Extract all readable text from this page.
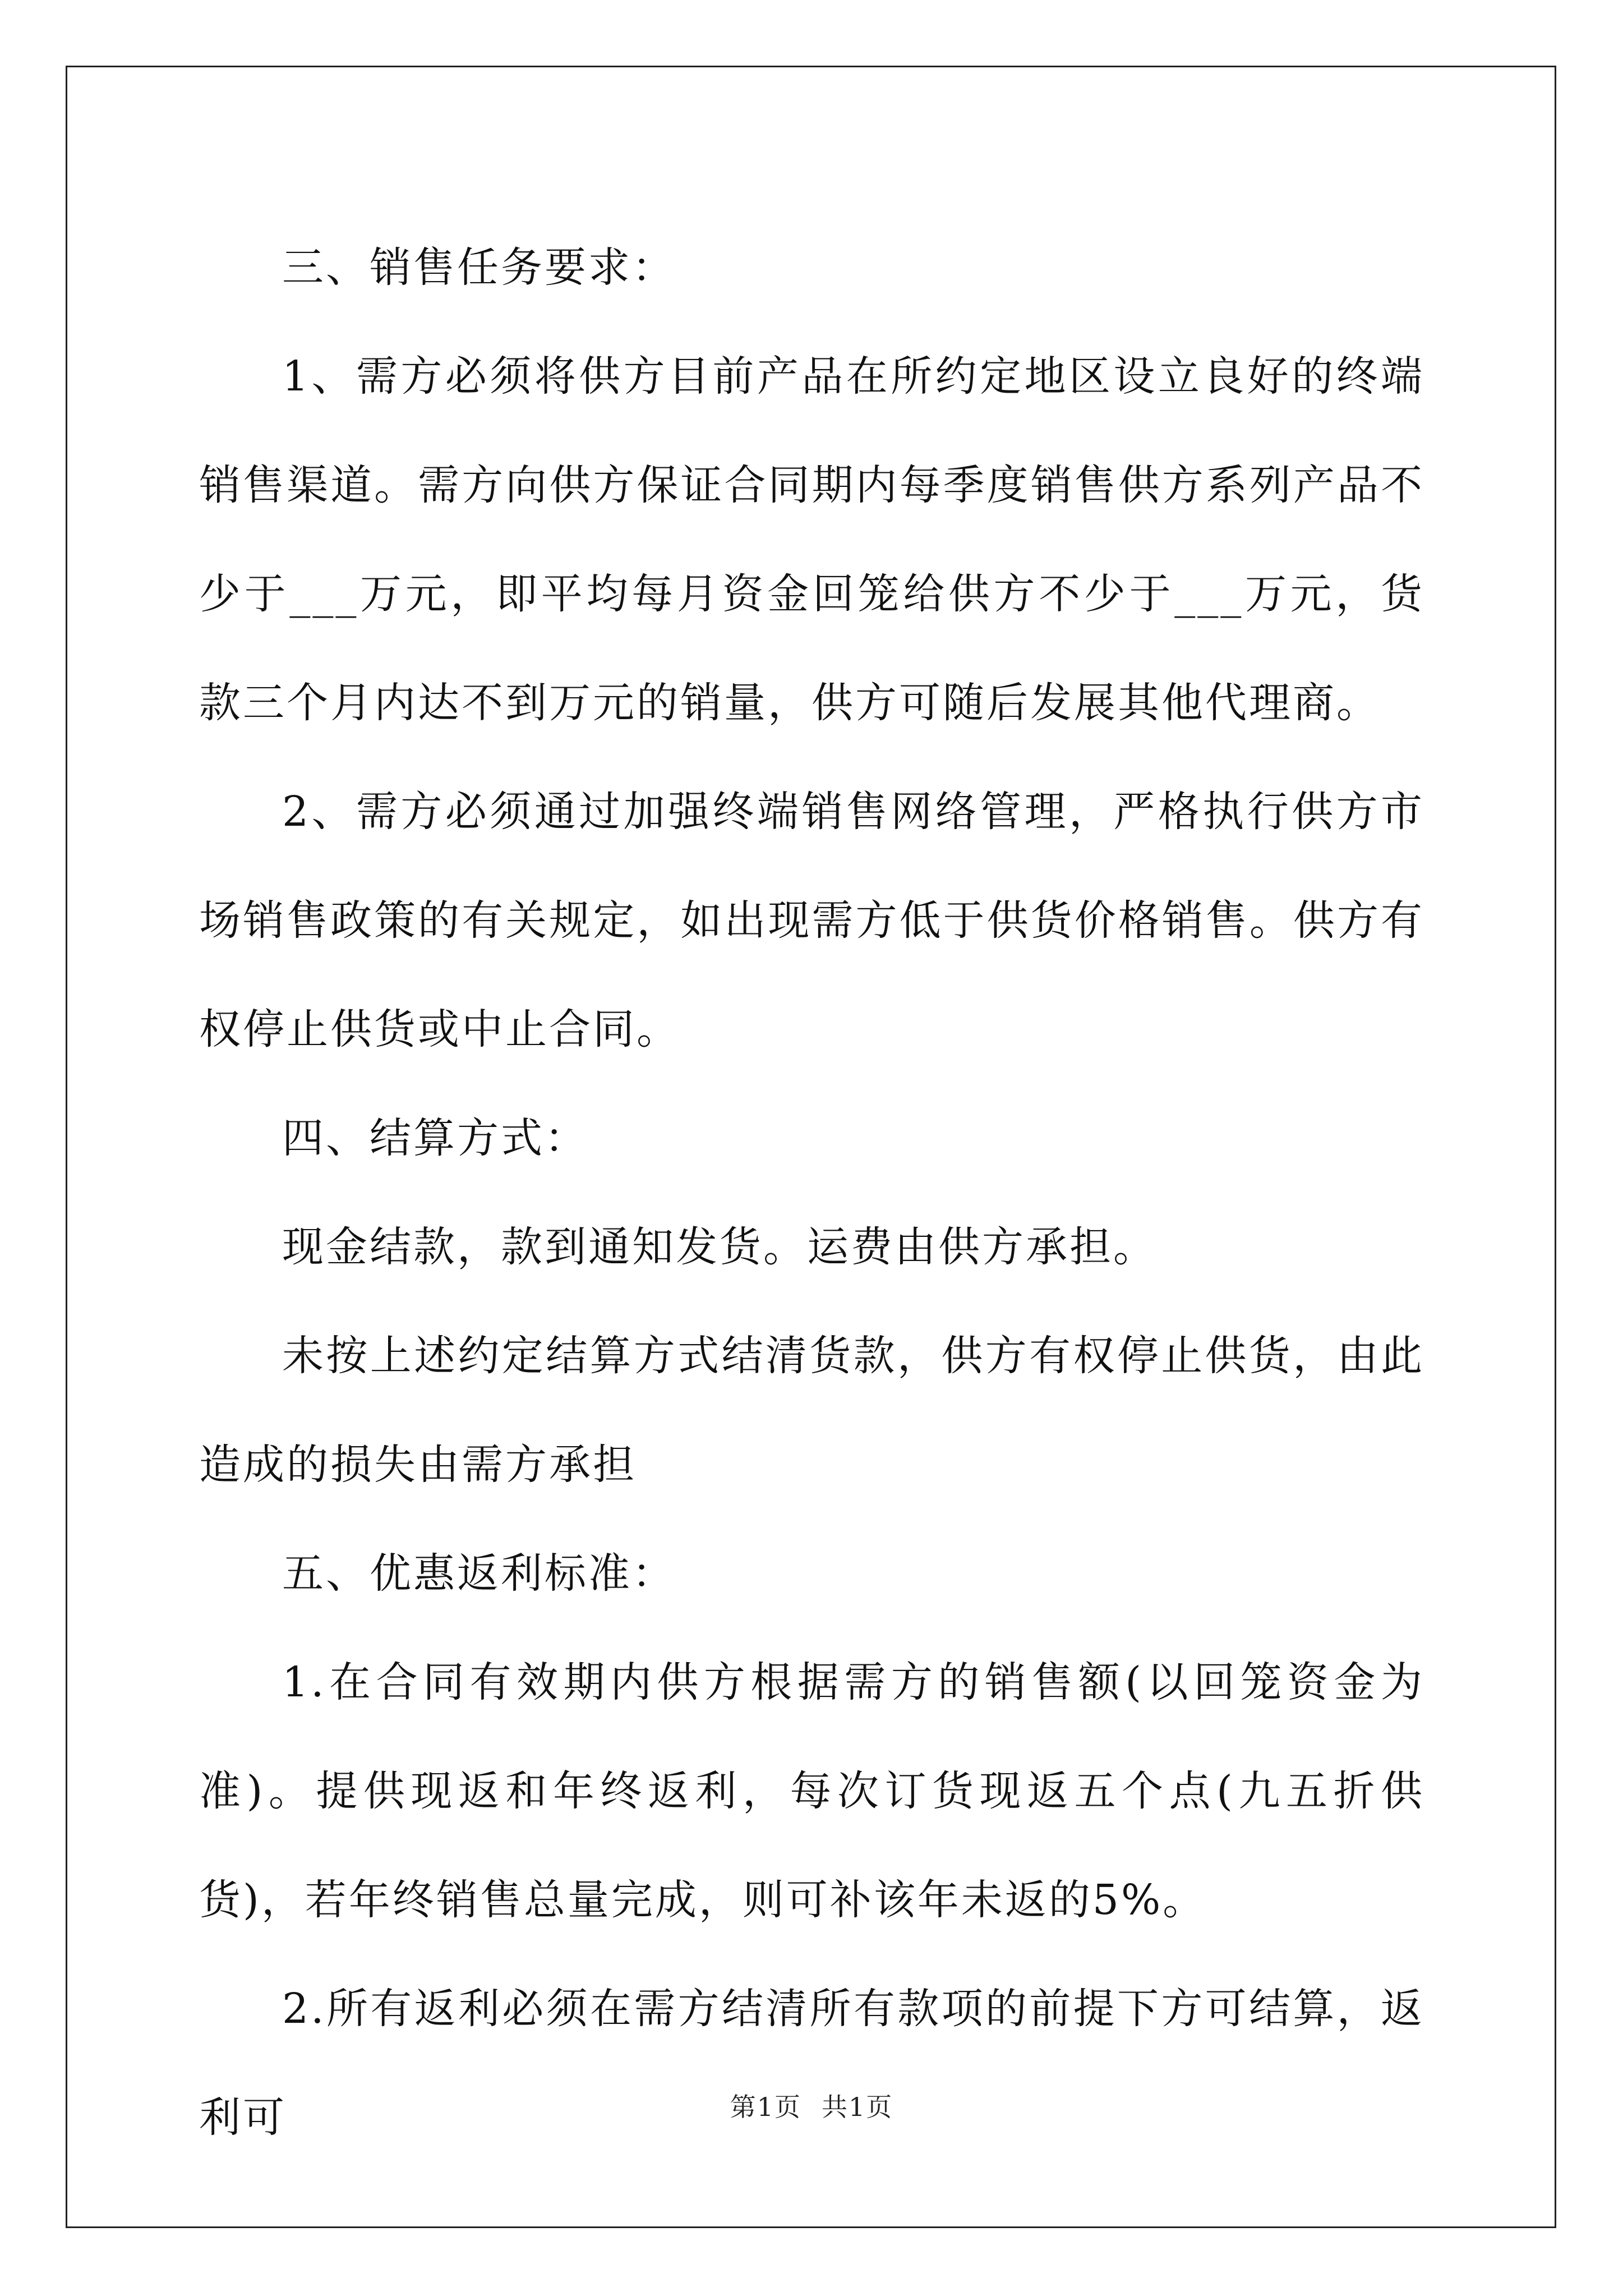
三、销售任务要求：

1、需方必须将供方目前产品在所约定地区设立良好的终端销售渠道。需方向供方保证合同期内每季度销售供方系列产品不少于___万元，即平均每月资金回笼给供方不少于___万元，货款三个月内达不到万元的销量，供方可随后发展其他代理商。

2、需方必须通过加强终端销售网络管理，严格执行供方市场销售政策的有关规定，如出现需方低于供货价格销售。供方有权停止供货或中止合同。

四、结算方式：

现金结款，款到通知发货。运费由供方承担。

未按上述约定结算方式结清货款，供方有权停止供货，由此造成的损失由需方承担

五、优惠返利标准：

1.在合同有效期内供方根据需方的销售额(以回笼资金为准)。提供现返和年终返利，每次订货现返五个点(九五折供货)，若年终销售总量完成，则可补该年未返的5%。

2.所有返利必须在需方结清所有款项的前提下方可结算，返利可	第1页 共1页
